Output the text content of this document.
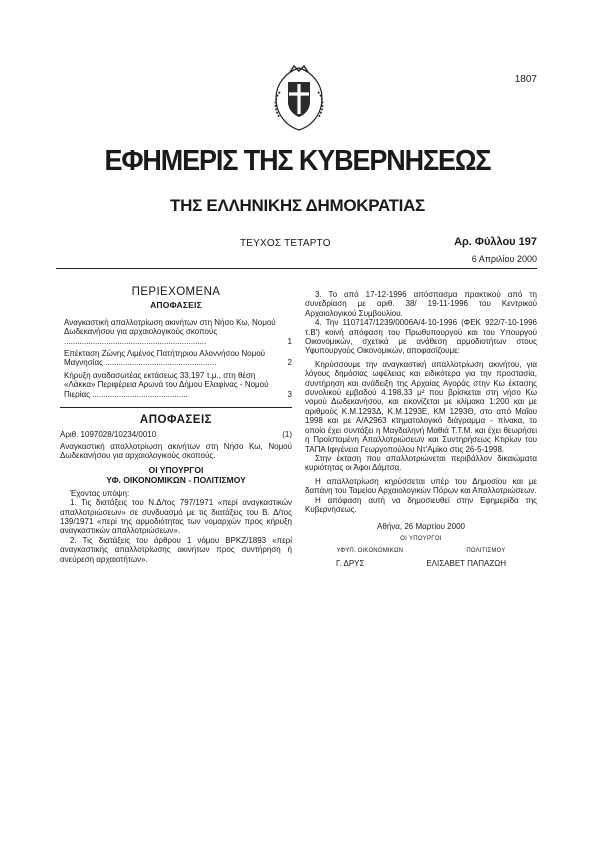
1807
ΕΦΗΜΕΡΙΣ ΤΗΣ ΚΥΒΕΡΝΗΣΕΩΣ
ΤΗΣ ΕΛΛΗΝΙΚΗΣ ΔΗΜΟΚΡΑΤΙΑΣ
ΤΕΥΧΟΣ ΤΕΤΑΡΤΟ	Αρ. Φύλλου 197
6 Απριλίου 2000
ΠΕΡΙΕΧΟΜΕΝΑ
ΑΠΟΦΑΣΕΙΣ
Αναγκαστική απαλλοτρίωση ακινήτων στη Νήσο Κω, Νομού Δωδεκανήσου για αρχαιολογικούς σκοπούς ................................................................	1
Επέκταση Ζώνης Λιμένος Πατήτηριου Αλοννήσου Νομού Μαγνησίας ..................................................	2
Κήρυξη αναδασωτέας εκτάσεως 33,197 τ.μ., στη θέση «Λάκκα» Περιφέρεια Αρωνά του Δήμου Ελαφίνας - Νομού Πιερίας ...........................................	3
ΑΠΟΦΑΣΕΙΣ
Αριθ. 1097028/10234/0010	(1)

Αναγκαστική απαλλοτρίωση ακινήτων στη Νήσο Κω, Νομού Δωδεκανήσου για αρχαιολογικούς σκοπούς.

ΟΙ ΥΠΟΥΡΓΟΙ
ΥΦ. ΟΙΚΟΝΟΜΙΚΩΝ - ΠΟΛΙΤΙΣΜΟΥ

Έχοντας υπόψη:

1. Τις διατάξεις του Ν.Δ/τος 797/1971 «περί αναγκαστικών απαλλοτριώσεων» σε συνδυασμό με τις διατάξεις του Β. Δ/τος 139/1971 «περί της αρμοδιότητας των νομαρχών προς κήρυξη αναγκαστικών απαλλοτριώσεων».

2. Τις διατάξεις του άρθρου 1 νόμου ΒΡΚΖ/1893 «περί αναγκαστικής απαλλοτρίωσης ακινήτων προς συντήρηση ή ανεύρεση αρχαιοτήτων».

3. Το από 17-12-1996 απόσπασμα πρακτικού από τη συνεδρίαση με αριθ. 38/ 19-11-1996 του Κεντρικού Αρχαιολογικού Συμβουλίου.

4. Την 1107147/1239/0006Α/4-10-1996 (ΦΕΚ 922/7-10-1996 τ.Β') κοινή απόφαση του Πρωθυπουργού και του Υπουργού Οικονομικών, σχετικά με ανάθεση αρμοδιοτήτων στους Υφυπουργούς Οικονομικών, αποφασίζουμε:

Κηρύσσουμε την αναγκαστική απαλλοτρίωση ακινήτου, για λόγους δημόσιας ωφέλειας και ειδικότερα για την προστασία, συντήρηση και ανάδειξη της Αρχαίας Αγοράς στην Κω έκτασης συνολικού εμβαδού 4.198,33 μ² που βρίσκεται στη νήσο Κω νομού Δωδεκανήσου, και εικονίζεται με κλίμακα 1:200 και με αριθμούς Κ.Μ.1293Δ, Κ.Μ.1293Ε, ΚΜ 1293Θ, στο από Μαΐου 1998 και με Α/Α2963 κτηματολογικό διάγραμμα - πίνακα, το οποίο έχει συντάξει η Μαγδαληνή Μαθιά Τ.Τ.Μ. και έχει θεωρήσει η Προϊσταμένη Απαλλοτριώσεων και Συντηρήσεως Κτιρίων του ΤΑΠΑ Ιφιγένεια Γεωργοπούλου Ντ'Αμίκο στις 26-5-1998.

Στην έκταση που απαλλοτριώνεται περιβάλλον δικαιώματα κυριότητας οι Άφοι Δάμτσα.

Η απαλλοτρίωση κηρύσσεται υπέρ του Δημοσίου και με δαπάνη του Ταμείου Αρχαιολογικών Πόρων και Απαλλοτριώσεων.

Η απόφαση αυτή να δημοσιευθεί στην Εφημερίδα της Κυβερνήσεως.

Αθήνα, 26 Μαρτίου 2000
ΟΙ ΥΠΟΥΡΓΟΙ
ΥΦΥΠ. ΟΙΚΟΝΟΜΙΚΩΝ	ΠΟΛΙΤΙΣΜΟΥ
Γ. ΔΡΥΣ	ΕΛΙΣΑΒΕΤ ΠΑΠΑΖΩΗ
